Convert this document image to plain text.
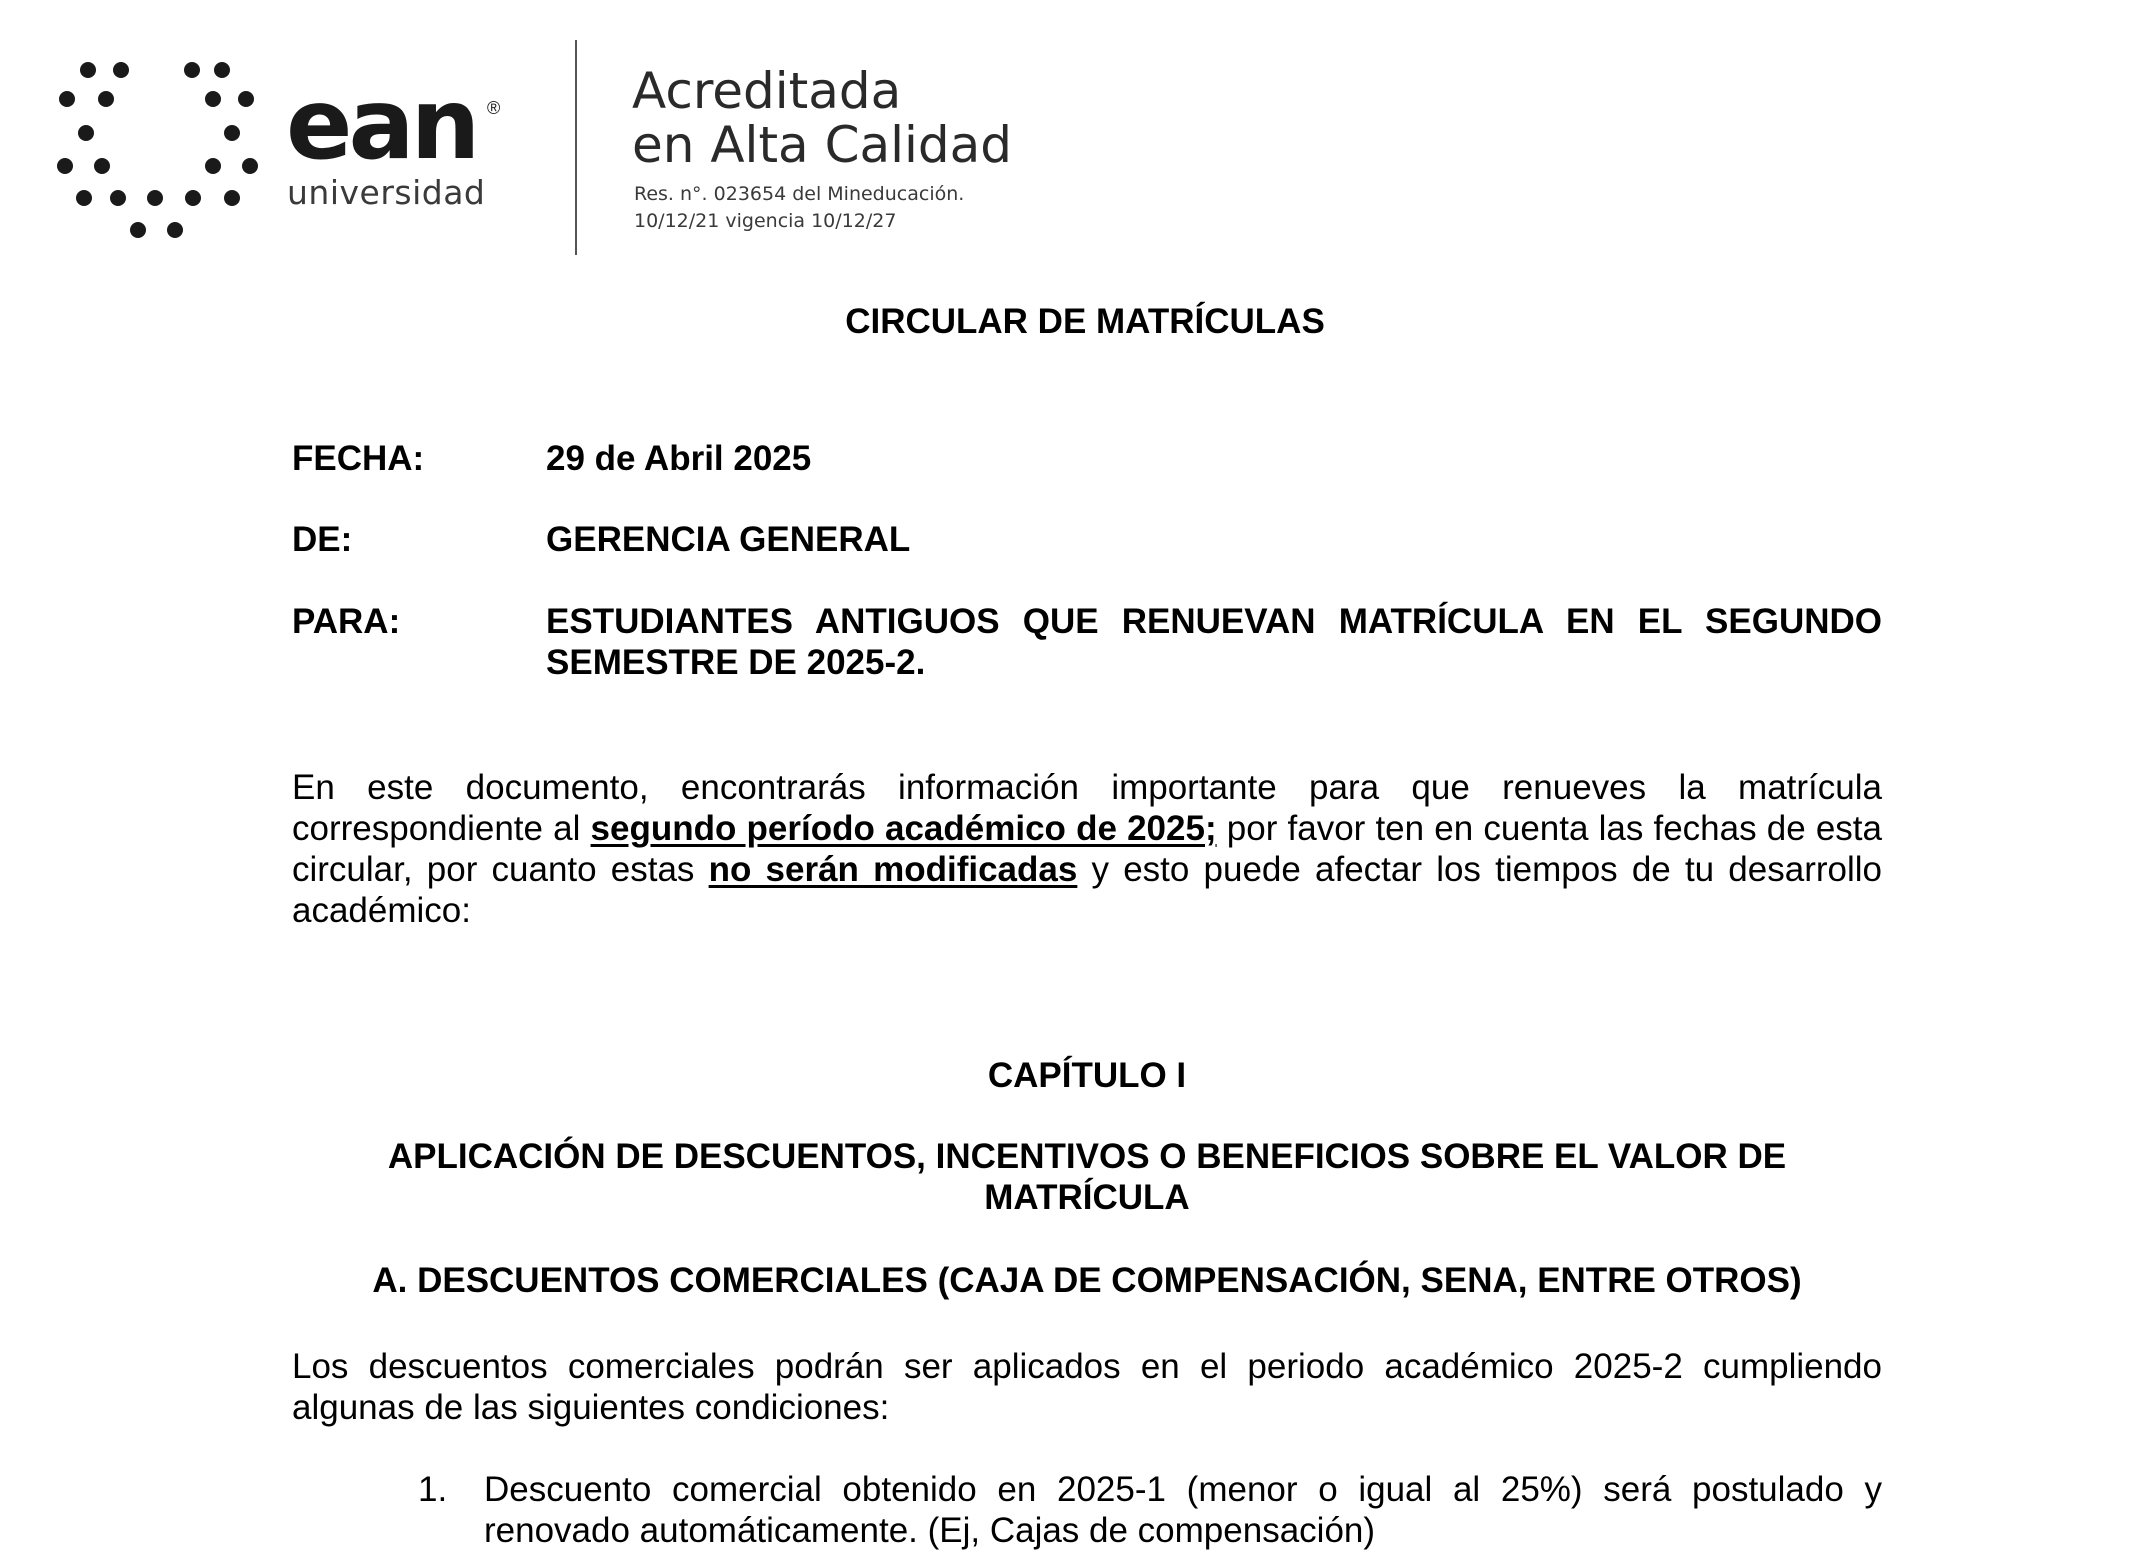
ean ®
universidad
Acreditada
en Alta Calidad
Res. n°. 023654 del Mineducación.
10/12/21 vigencia 10/12/27
CIRCULAR DE MATRÍCULAS
FECHA:	29 de Abril 2025
DE:	GERENCIA GENERAL
PARA:	ESTUDIANTES ANTIGUOS QUE RENUEVAN MATRÍCULA EN EL SEGUNDO SEMESTRE DE 2025-2.

En este documento, encontrarás información importante para que renueves la matrícula correspondiente al segundo período académico de 2025; por favor ten en cuenta las fechas de esta circular, por cuanto estas no serán modificadas y esto puede afectar los tiempos de tu desarrollo académico:

CAPÍTULO I
APLICACIÓN DE DESCUENTOS, INCENTIVOS O BENEFICIOS SOBRE EL VALOR DE MATRÍCULA
A. DESCUENTOS COMERCIALES (CAJA DE COMPENSACIÓN, SENA, ENTRE OTROS)

Los descuentos comerciales podrán ser aplicados en el periodo académico 2025-2 cumpliendo algunas de las siguientes condiciones:

1. Descuento comercial obtenido en 2025-1 (menor o igual al 25%) será postulado y renovado automáticamente. (Ej, Cajas de compensación)
